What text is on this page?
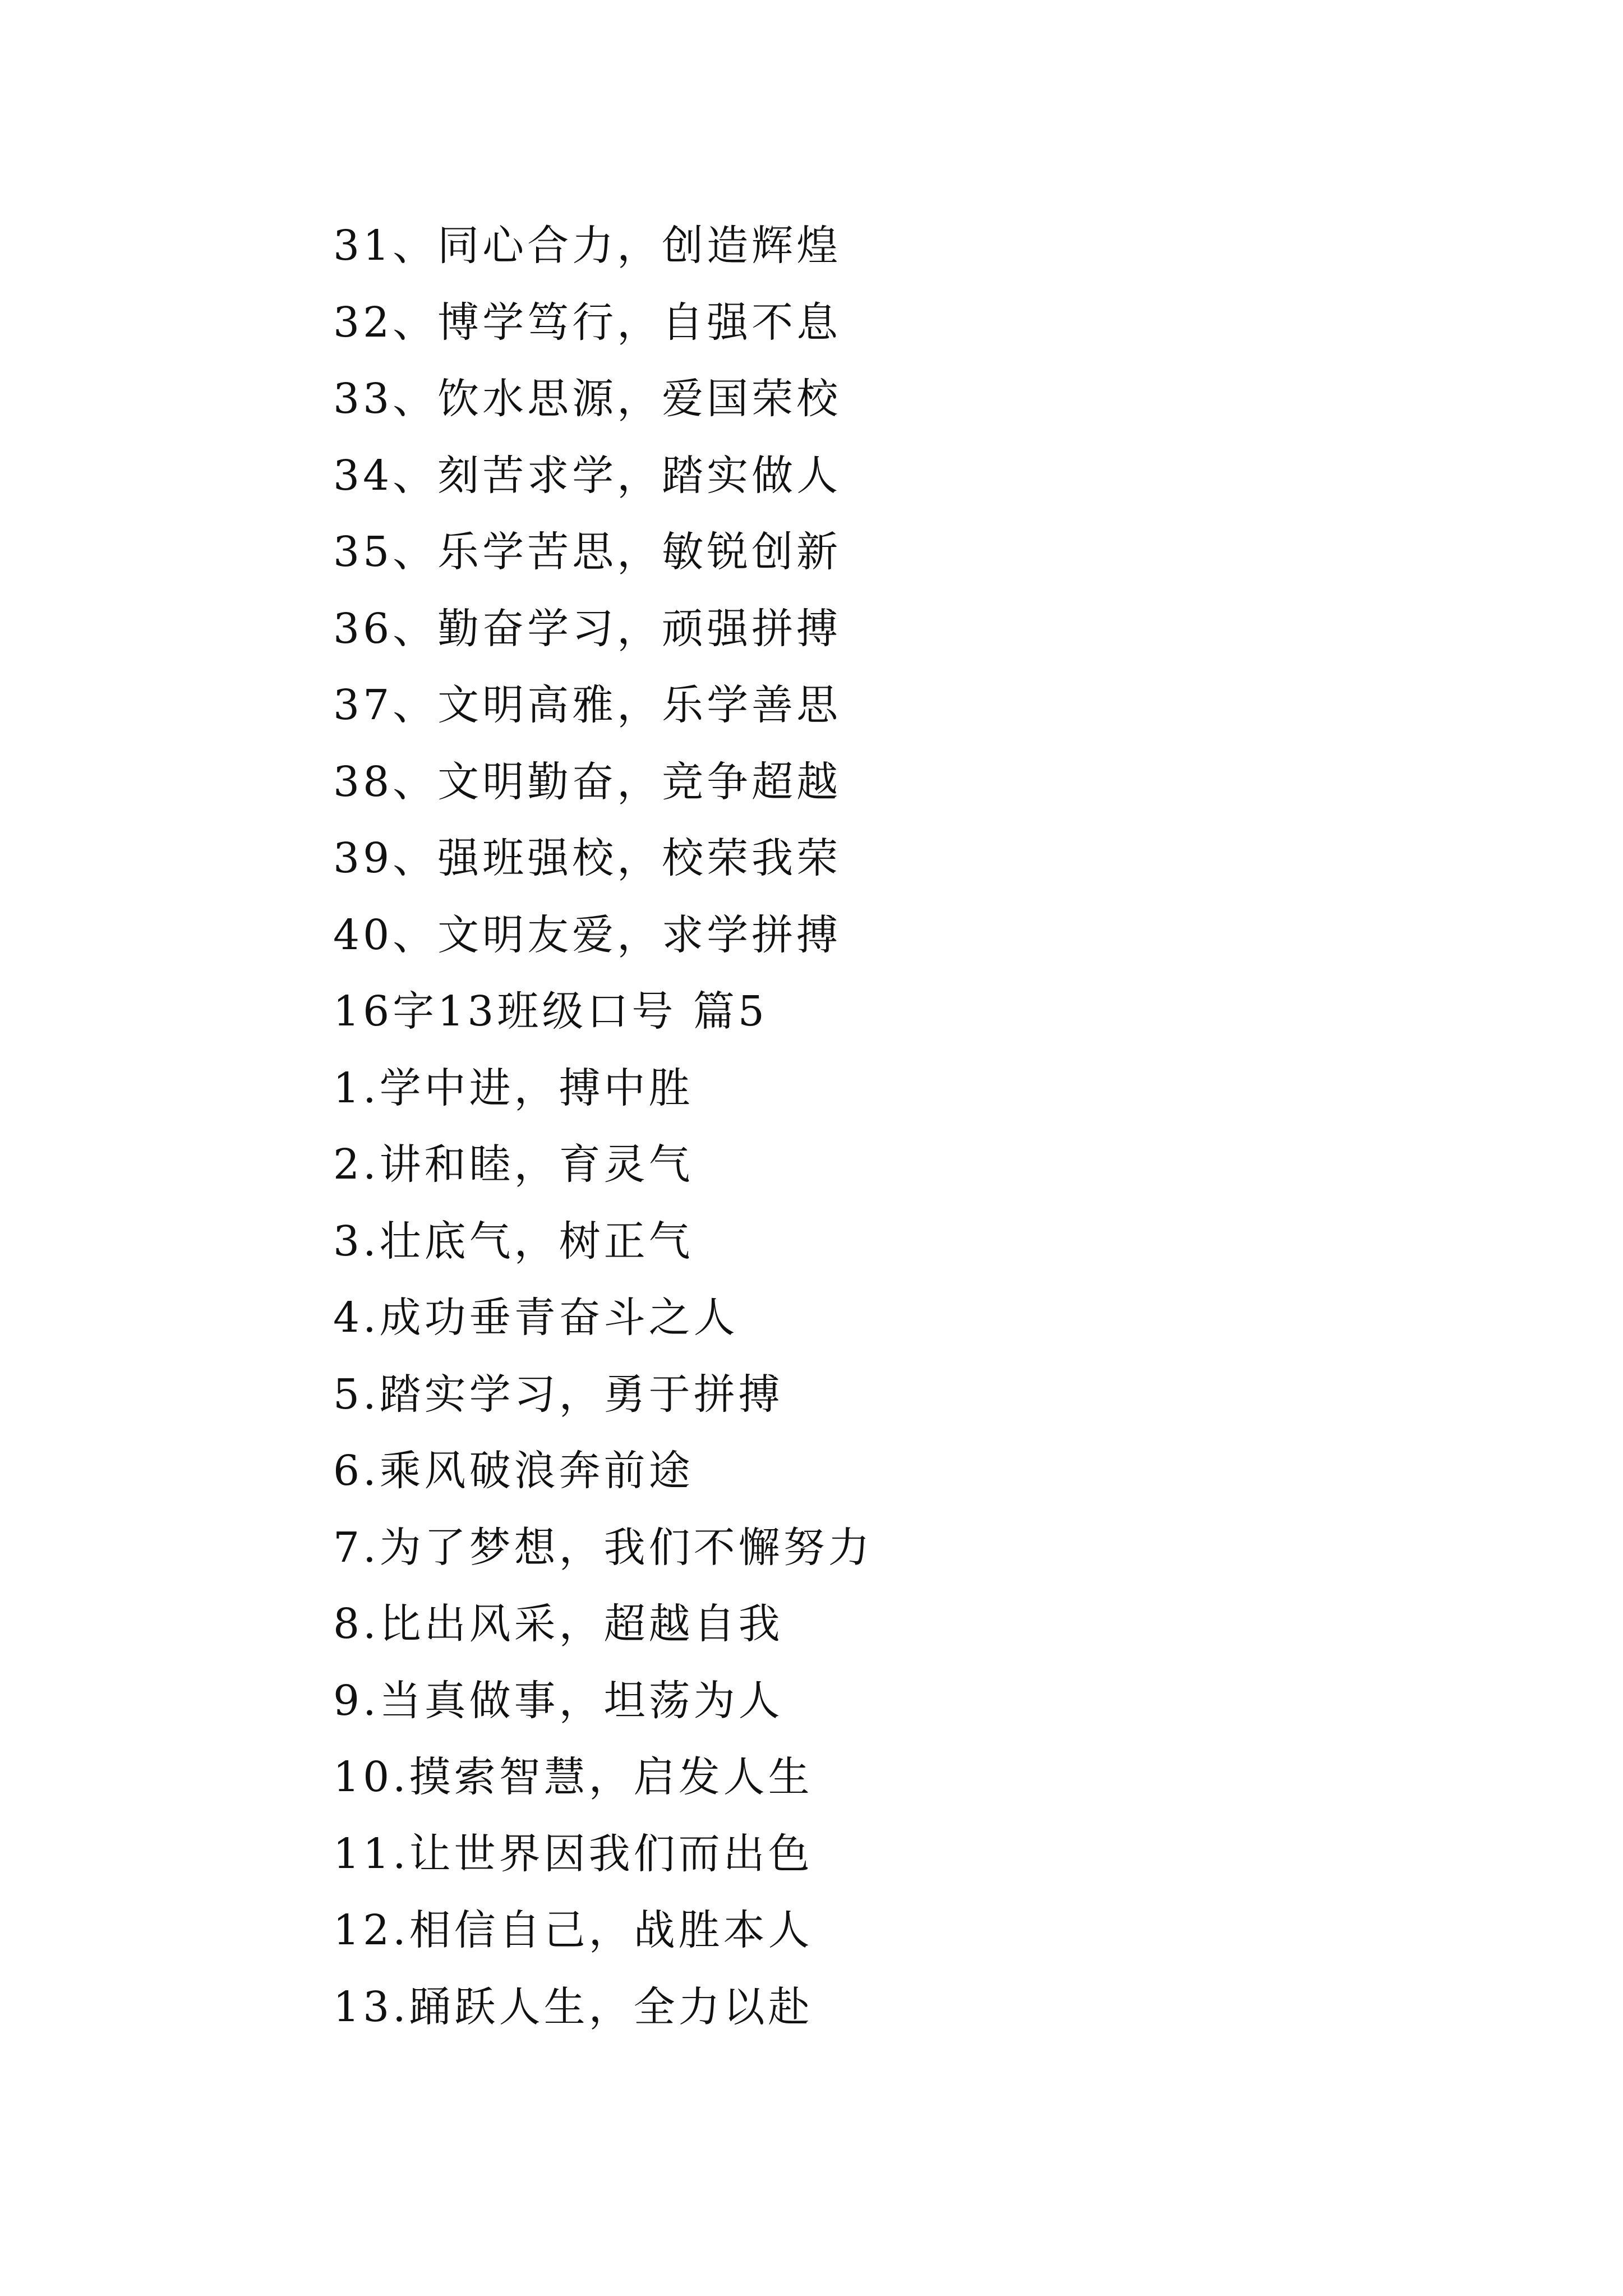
31、同心合力，创造辉煌
32、博学笃行，自强不息
33、饮水思源，爱国荣校
34、刻苦求学，踏实做人
35、乐学苦思，敏锐创新
36、勤奋学习，顽强拼搏
37、文明高雅，乐学善思
38、文明勤奋，竞争超越
39、强班强校，校荣我荣
40、文明友爱，求学拼搏
16字13班级口号 篇5
1.学中进，搏中胜
2.讲和睦，育灵气
3.壮底气，树正气
4.成功垂青奋斗之人
5.踏实学习，勇于拼搏
6.乘风破浪奔前途
7.为了梦想，我们不懈努力
8.比出风采，超越自我
9.当真做事，坦荡为人
10.摸索智慧，启发人生
11.让世界因我们而出色
12.相信自己，战胜本人
13.踊跃人生，全力以赴
